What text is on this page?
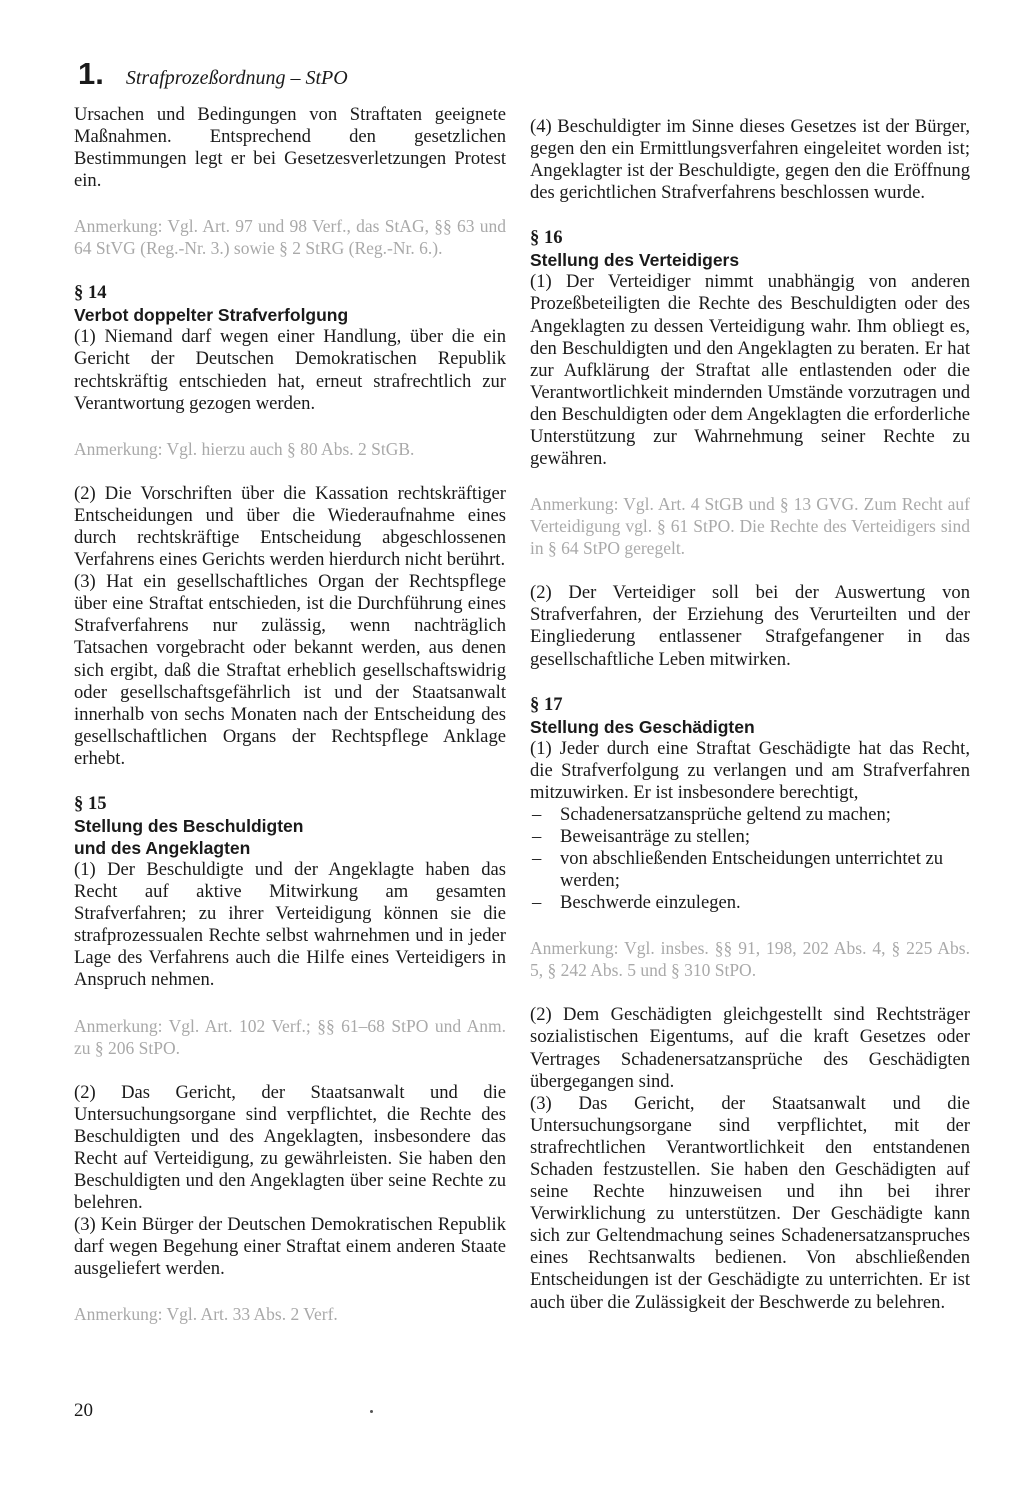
1. Strafprozeßordnung – StPO

Ursachen und Bedingungen von Straftaten geeignete Maßnahmen. Entsprechend den gesetzlichen Bestimmungen legt er bei Gesetzesverletzungen Protest ein.

Anmerkung: Vgl. Art. 97 und 98 Verf., das StAG, §§ 63 und 64 StVG (Reg.-Nr. 3.) sowie § 2 StRG (Reg.-Nr. 6.).

§ 14

Verbot doppelter Strafverfolgung

(1) Niemand darf wegen einer Handlung, über die ein Gericht der Deutschen Demokratischen Republik rechtskräftig entschieden hat, erneut strafrechtlich zur Verantwortung gezogen werden.

Anmerkung: Vgl. hierzu auch § 80 Abs. 2 StGB.

(2) Die Vorschriften über die Kassation rechtskräftiger Entscheidungen und über die Wiederaufnahme eines durch rechtskräftige Entscheidung abgeschlossenen Verfahrens eines Gerichts werden hierdurch nicht berührt.

(3) Hat ein gesellschaftliches Organ der Rechtspflege über eine Straftat entschieden, ist die Durchführung eines Strafverfahrens nur zulässig, wenn nachträglich Tatsachen vorgebracht oder bekannt werden, aus denen sich ergibt, daß die Straftat erheblich gesellschaftswidrig oder gesellschaftsgefährlich ist und der Staatsanwalt innerhalb von sechs Monaten nach der Entscheidung des gesellschaftlichen Organs der Rechtspflege Anklage erhebt.

§ 15

Stellung des Beschuldigten

und des Angeklagten

(1) Der Beschuldigte und der Angeklagte haben das Recht auf aktive Mitwirkung am gesamten Strafverfahren; zu ihrer Verteidigung können sie die strafprozessualen Rechte selbst wahrnehmen und in jeder Lage des Verfahrens auch die Hilfe eines Verteidigers in Anspruch nehmen.

Anmerkung: Vgl. Art. 102 Verf.; §§ 61–68 StPO und Anm. zu § 206 StPO.

(2) Das Gericht, der Staatsanwalt und die Untersuchungsorgane sind verpflichtet, die Rechte des Beschuldigten und des Angeklagten, insbesondere das Recht auf Verteidigung, zu gewährleisten. Sie haben den Beschuldigten und den Angeklagten über seine Rechte zu belehren.

(3) Kein Bürger der Deutschen Demokratischen Republik darf wegen Begehung einer Straftat einem anderen Staate ausgeliefert werden.

Anmerkung: Vgl. Art. 33 Abs. 2 Verf.

(4) Beschuldigter im Sinne dieses Gesetzes ist der Bürger, gegen den ein Ermittlungsverfahren eingeleitet worden ist; Angeklagter ist der Beschuldigte, gegen den die Eröffnung des gerichtlichen Strafverfahrens beschlossen wurde.

§ 16

Stellung des Verteidigers

(1) Der Verteidiger nimmt unabhängig von anderen Prozeßbeteiligten die Rechte des Beschuldigten oder des Angeklagten zu dessen Verteidigung wahr. Ihm obliegt es, den Beschuldigten und den Angeklagten zu beraten. Er hat zur Aufklärung der Straftat alle entlastenden oder die Verantwortlichkeit mindernden Umstände vorzutragen und den Beschuldigten oder dem Angeklagten die erforderliche Unterstützung zur Wahrnehmung seiner Rechte zu gewähren.

Anmerkung: Vgl. Art. 4 StGB und § 13 GVG. Zum Recht auf Verteidigung vgl. § 61 StPO. Die Rechte des Verteidigers sind in § 64 StPO geregelt.

(2) Der Verteidiger soll bei der Auswertung von Strafverfahren, der Erziehung des Verurteilten und der Eingliederung entlassener Strafgefangener in das gesellschaftliche Leben mitwirken.

§ 17

Stellung des Geschädigten

(1) Jeder durch eine Straftat Geschädigte hat das Recht, die Strafverfolgung zu verlangen und am Strafverfahren mitzuwirken. Er ist insbesondere berechtigt,

– Schadenersatzansprüche geltend zu machen;
– Beweisanträge zu stellen;
– von abschließenden Entscheidungen unterrichtet zu werden;
– Beschwerde einzulegen.

Anmerkung: Vgl. insbes. §§ 91, 198, 202 Abs. 4, § 225 Abs. 5, § 242 Abs. 5 und § 310 StPO.

(2) Dem Geschädigten gleichgestellt sind Rechtsträger sozialistischen Eigentums, auf die kraft Gesetzes oder Vertrages Schadenersatzansprüche des Geschädigten übergegangen sind.

(3) Das Gericht, der Staatsanwalt und die Untersuchungsorgane sind verpflichtet, mit der strafrechtlichen Verantwortlichkeit den entstandenen Schaden festzustellen. Sie haben den Geschädigten auf seine Rechte hinzuweisen und ihn bei ihrer Verwirklichung zu unterstützen. Der Geschädigte kann sich zur Geltendmachung seines Schadenersatzanspruches eines Rechtsanwalts bedienen. Von abschließenden Entscheidungen ist der Geschädigte zu unterrichten. Er ist auch über die Zulässigkeit der Beschwerde zu belehren.

20
